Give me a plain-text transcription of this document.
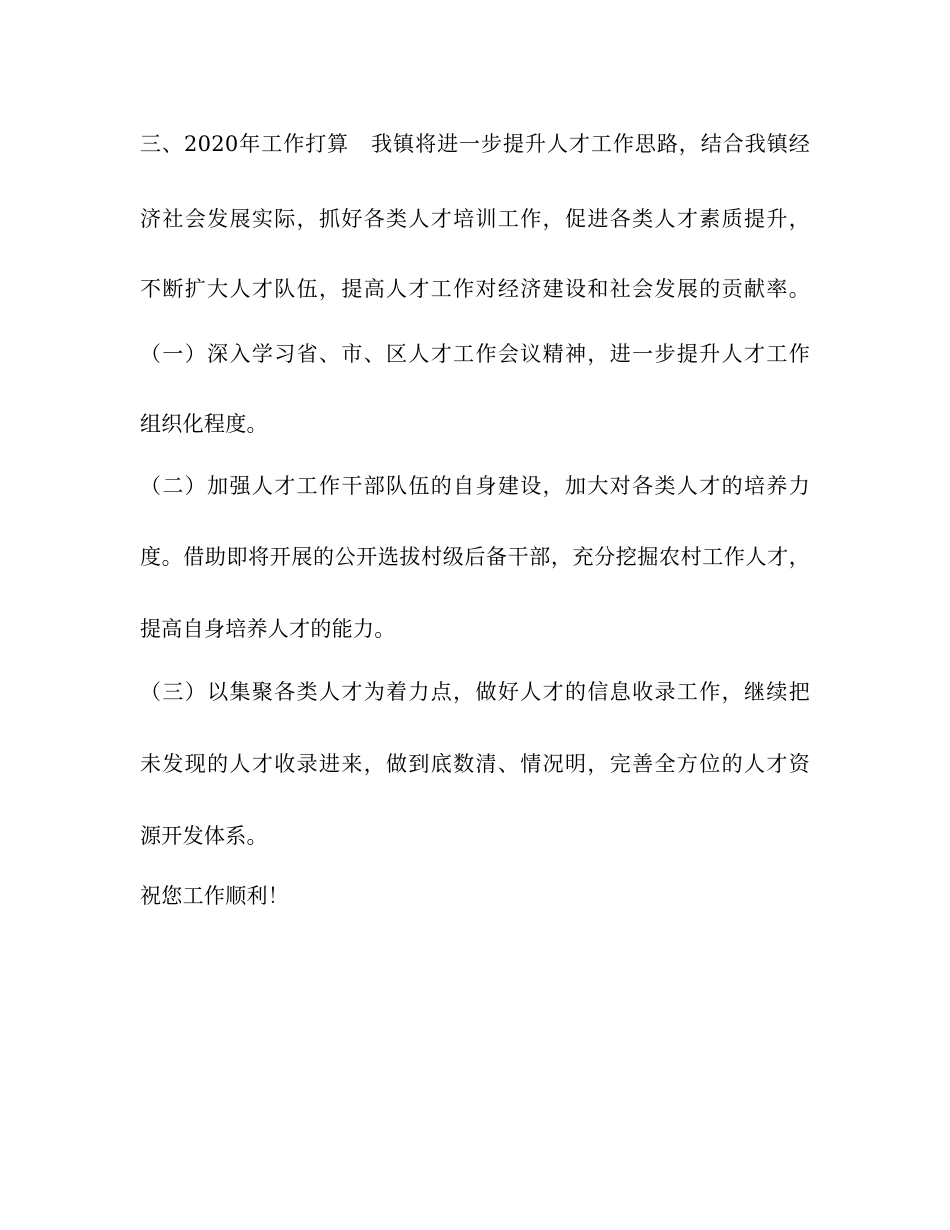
三、2020年工作打算　我镇将进一步提升人才工作思路，结合我镇经
济社会发展实际，抓好各类人才培训工作，促进各类人才素质提升，
不断扩大人才队伍，提高人才工作对经济建设和社会发展的贡献率。
（一）深入学习省、市、区人才工作会议精神，进一步提升人才工作
组织化程度。
（二）加强人才工作干部队伍的自身建设，加大对各类人才的培养力
度。借助即将开展的公开选拔村级后备干部，充分挖掘农村工作人才，
提高自身培养人才的能力。
（三）以集聚各类人才为着力点，做好人才的信息收录工作，继续把
未发现的人才收录进来，做到底数清、情况明，完善全方位的人才资
源开发体系。
祝您工作顺利！
